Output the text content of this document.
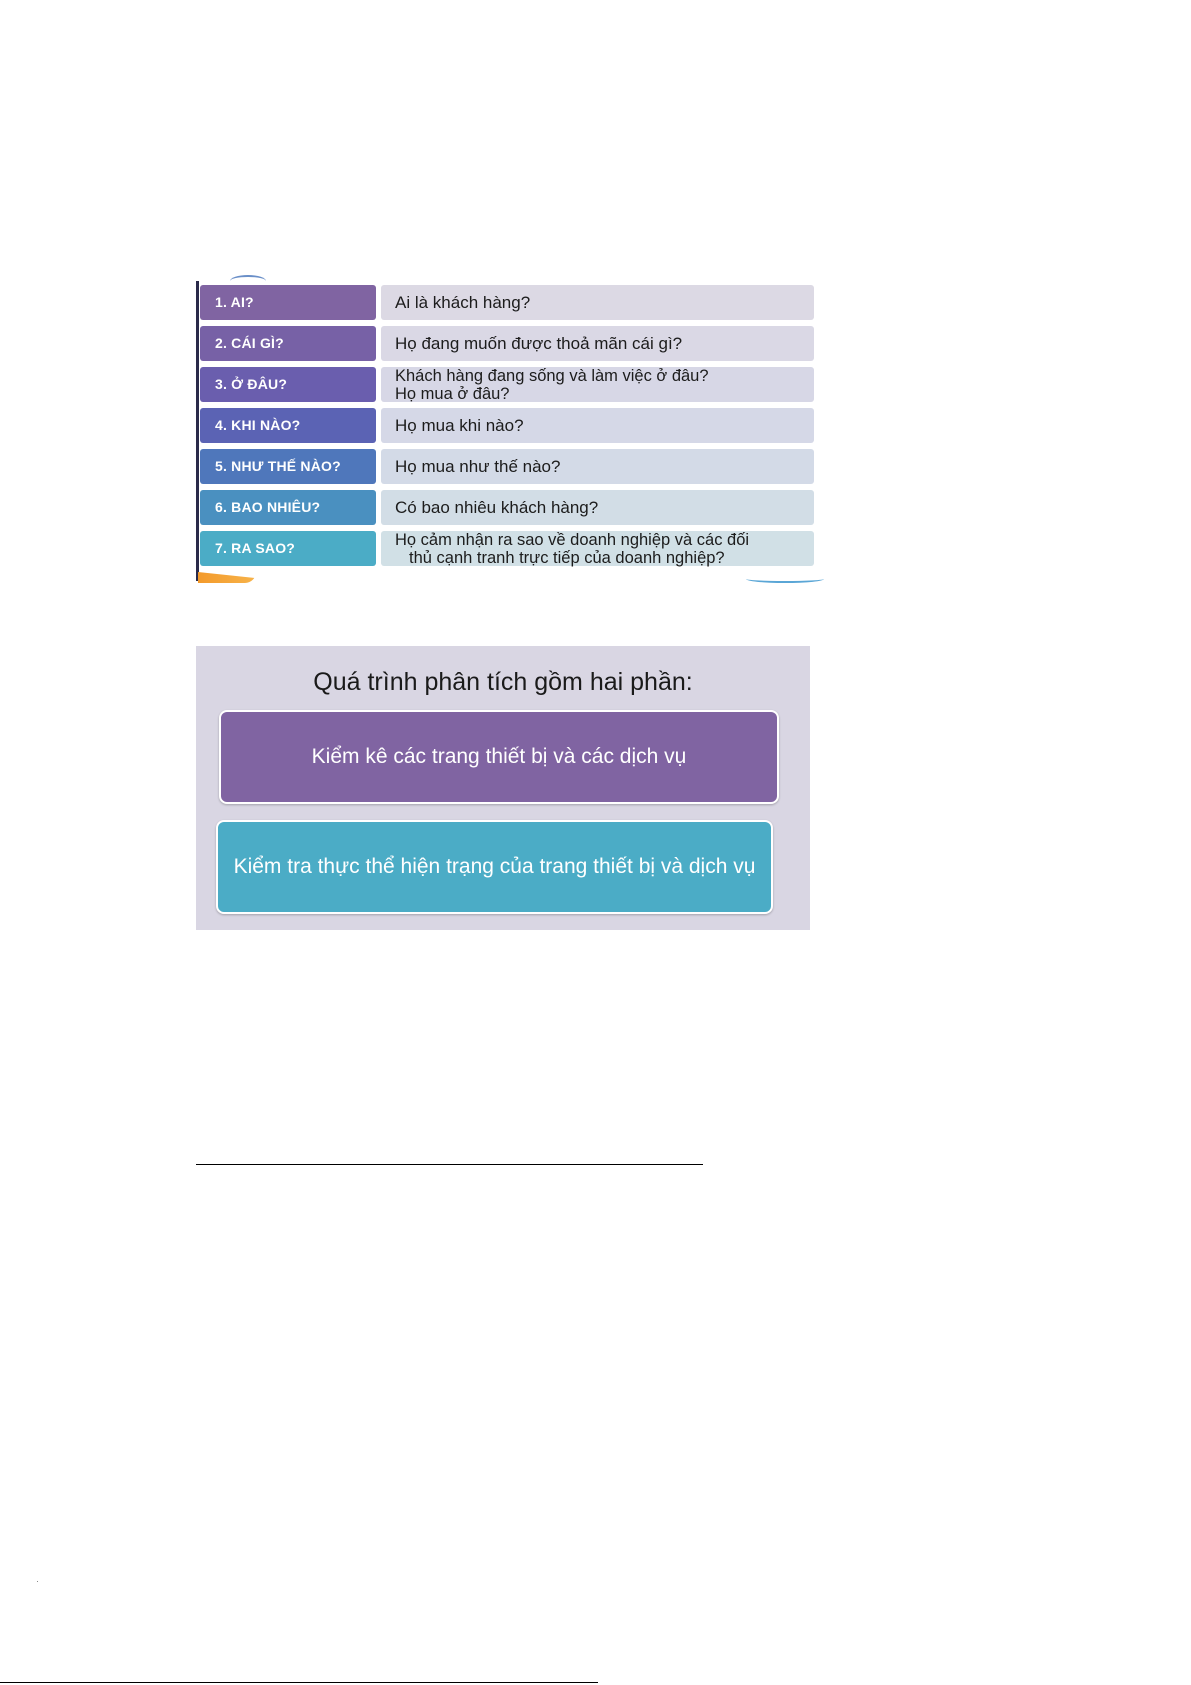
1. AI?	Ai là khách hàng?
2. CÁI GÌ?	Họ đang muốn được thoả mãn cái gì?
3. Ở ĐÂU?	Khách hàng đang sống và làm việc ở đâu?
Họ mua ở đâu?
4. KHI NÀO?	Họ mua khi nào?
5. NHƯ THẾ NÀO?	Họ mua như thế nào?
6. BAO NHIÊU?	Có bao nhiêu khách hàng?
7. RA SAO?	Họ cảm nhận ra sao về doanh nghiệp và các đối
thủ cạnh tranh trực tiếp của doanh nghiệp?
Quá trình phân tích gồm hai phần:
Kiểm kê các trang thiết bị và các dịch vụ
Kiểm tra thực thể hiện trạng của trang thiết bị và dịch vụ
·
